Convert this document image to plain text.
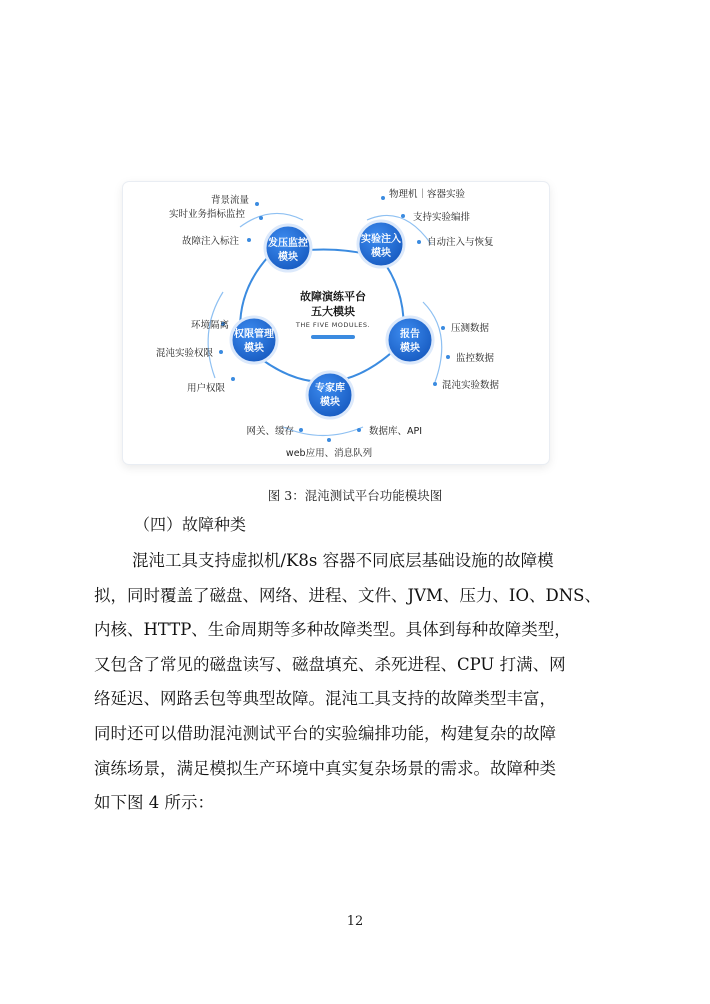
发压监控
模块
实验注入
模块
报告
模块
专家库
模块
权限管理
模块
故障演练平台
五大模块
THE FIVE MODULES.
背景流量
实时业务指标监控
故障注入标注
物理机｜容器实验
支持实验编排
自动注入与恢复
压测数据
监控数据
混沌实验数据
网关、缓存	数据库、API
web应用、消息队列
环境隔离
混沌实验权限
用户权限
图 3：混沌测试平台功能模块图
（四）故障种类

混沌工具支持虚拟机/K8s 容器不同底层基础设施的故障模
拟，同时覆盖了磁盘、网络、进程、文件、JVM、压力、IO、DNS、
内核、HTTP、生命周期等多种故障类型。具体到每种故障类型，
又包含了常见的磁盘读写、磁盘填充、杀死进程、CPU 打满、网
络延迟、网路丢包等典型故障。混沌工具支持的故障类型丰富，
同时还可以借助混沌测试平台的实验编排功能，构建复杂的故障
演练场景，满足模拟生产环境中真实复杂场景的需求。故障种类
如下图 4 所示：

12
